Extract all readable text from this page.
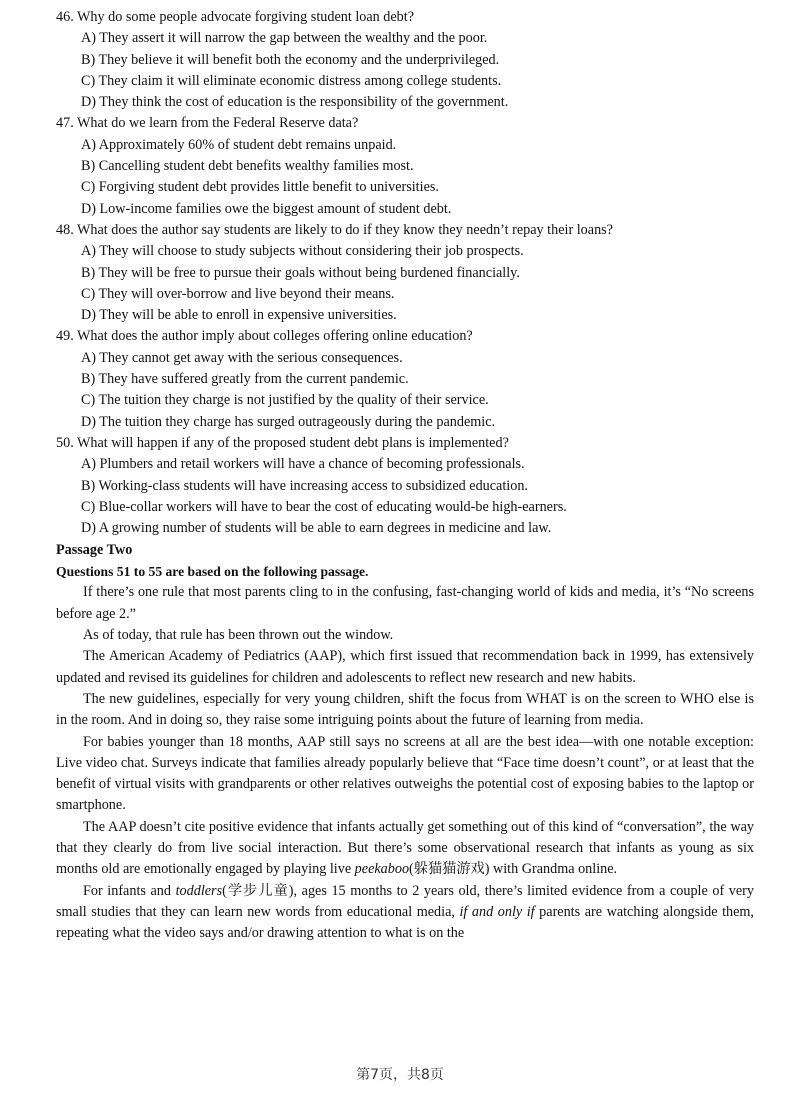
46. Why do some people advocate forgiving student loan debt?
A) They assert it will narrow the gap between the wealthy and the poor.
B) They believe it will benefit both the economy and the underprivileged.
C) They claim it will eliminate economic distress among college students.
D) They think the cost of education is the responsibility of the government.
47. What do we learn from the Federal Reserve data?
A) Approximately 60% of student debt remains unpaid.
B) Cancelling student debt benefits wealthy families most.
C) Forgiving student debt provides little benefit to universities.
D) Low-income families owe the biggest amount of student debt.
48. What does the author say students are likely to do if they know they needn’t repay their loans?
A) They will choose to study subjects without considering their job prospects.
B) They will be free to pursue their goals without being burdened financially.
C) They will over-borrow and live beyond their means.
D) They will be able to enroll in expensive universities.
49. What does the author imply about colleges offering online education?
A) They cannot get away with the serious consequences.
B) They have suffered greatly from the current pandemic.
C) The tuition they charge is not justified by the quality of their service.
D) The tuition they charge has surged outrageously during the pandemic.
50. What will happen if any of the proposed student debt plans is implemented?
A) Plumbers and retail workers will have a chance of becoming professionals.
B) Working-class students will have increasing access to subsidized education.
C) Blue-collar workers will have to bear the cost of educating would-be high-earners.
D) A growing number of students will be able to earn degrees in medicine and law.
Passage Two
Questions 51 to 55 are based on the following passage.

If there’s one rule that most parents cling to in the confusing, fast-changing world of kids and media, it’s “No screens before age 2.”

As of today, that rule has been thrown out the window.

The American Academy of Pediatrics (AAP), which first issued that recommendation back in 1999, has extensively updated and revised its guidelines for children and adolescents to reflect new research and new habits.

The new guidelines, especially for very young children, shift the focus from WHAT is on the screen to WHO else is in the room. And in doing so, they raise some intriguing points about the future of learning from media.

For babies younger than 18 months, AAP still says no screens at all are the best idea—with one notable exception: Live video chat. Surveys indicate that families already popularly believe that “Face time doesn’t count”, or at least that the benefit of virtual visits with grandparents or other relatives outweighs the potential cost of exposing babies to the laptop or smartphone.

The AAP doesn’t cite positive evidence that infants actually get something out of this kind of “conversation”, the way that they clearly do from live social interaction. But there’s some observational research that infants as young as six months old are emotionally engaged by playing live peekaboo(躲猫猫游戏) with Grandma online.

For infants and toddlers(学步儿童), ages 15 months to 2 years old, there’s limited evidence from a couple of very small studies that they can learn new words from educational media, if and only if parents are watching alongside them, repeating what the video says and/or drawing attention to what is on the

第7页，共8页
